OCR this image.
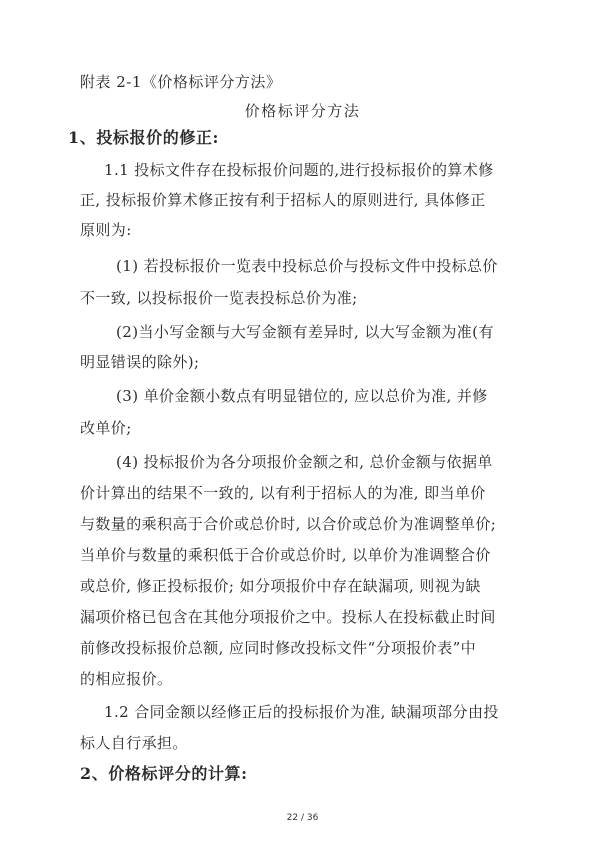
附表 2-1《价格标评分方法》
价格标评分方法
1、投标报价的修正:
1.1 投标文件存在投标报价问题的,进行投标报价的算术修
正, 投标报价算术修正按有利于招标人的原则进行, 具体修正
原则为:
(1) 若投标报价一览表中投标总价与投标文件中投标总价
不一致, 以投标报价一览表投标总价为准;
(2)当小写金额与大写金额有差异时, 以大写金额为准(有
明显错误的除外);
(3) 单价金额小数点有明显错位的, 应以总价为准, 并修
改单价;
(4) 投标报价为各分项报价金额之和, 总价金额与依据单
价计算出的结果不一致的, 以有利于招标人的为准, 即当单价
与数量的乘积高于合价或总价时, 以合价或总价为准调整单价;
当单价与数量的乘积低于合价或总价时, 以单价为准调整合价
或总价, 修正投标报价; 如分项报价中存在缺漏项, 则视为缺
漏项价格已包含在其他分项报价之中。投标人在投标截止时间
前修改投标报价总额, 应同时修改投标文件“分项报价表”中
的相应报价。
1.2 合同金额以经修正后的投标报价为准, 缺漏项部分由投
标人自行承担。
2、价格标评分的计算:
22 / 36
